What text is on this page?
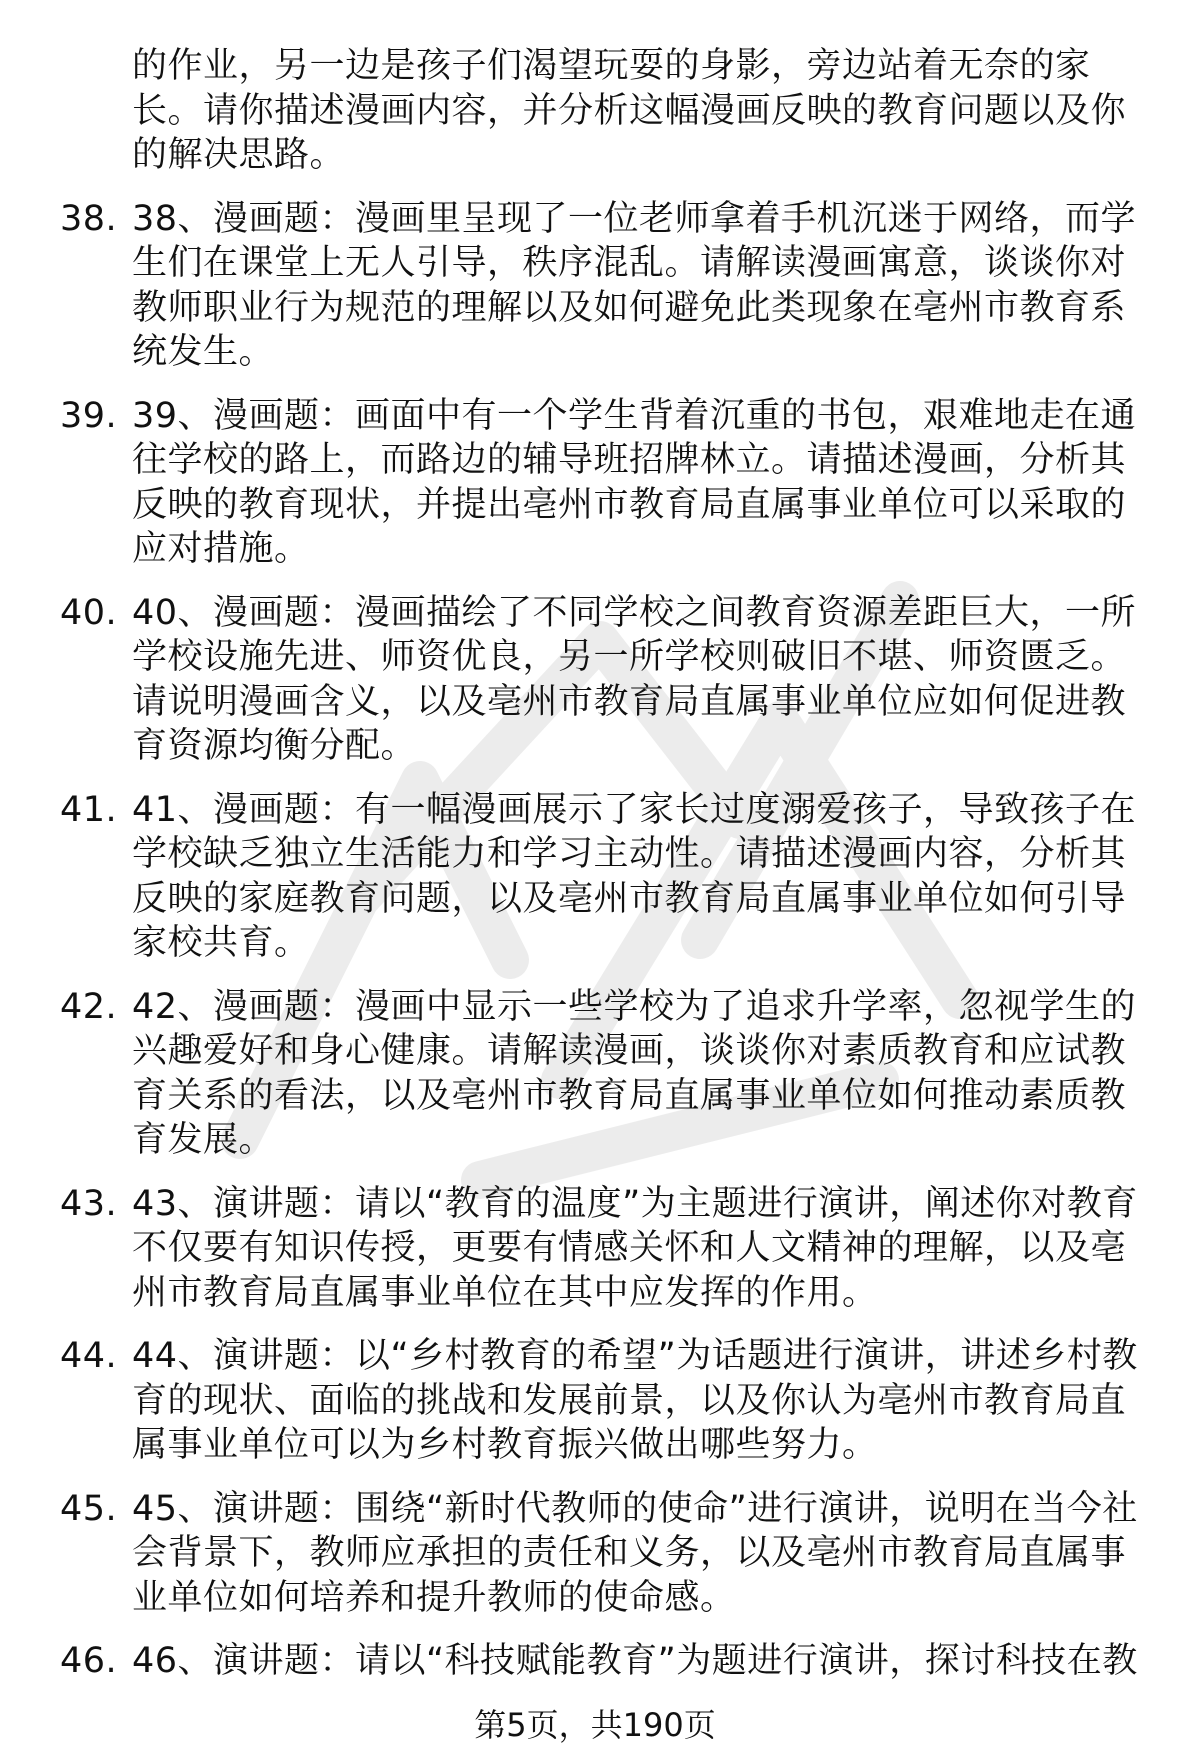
的作业，另一边是孩子们渴望玩耍的身影，旁边站着无奈的家长。请你描述漫画内容，并分析这幅漫画反映的教育问题以及你的解决思路。
38. 38、漫画题：漫画里呈现了一位老师拿着手机沉迷于网络，而学生们在课堂上无人引导，秩序混乱。请解读漫画寓意，谈谈你对教师职业行为规范的理解以及如何避免此类现象在亳州市教育系统发生。
39. 39、漫画题：画面中有一个学生背着沉重的书包，艰难地走在通往学校的路上，而路边的辅导班招牌林立。请描述漫画，分析其反映的教育现状，并提出亳州市教育局直属事业单位可以采取的应对措施。
40. 40、漫画题：漫画描绘了不同学校之间教育资源差距巨大，一所学校设施先进、师资优良，另一所学校则破旧不堪、师资匮乏。请说明漫画含义，以及亳州市教育局直属事业单位应如何促进教育资源均衡分配。
41. 41、漫画题：有一幅漫画展示了家长过度溺爱孩子，导致孩子在学校缺乏独立生活能力和学习主动性。请描述漫画内容，分析其反映的家庭教育问题，以及亳州市教育局直属事业单位如何引导家校共育。
42. 42、漫画题：漫画中显示一些学校为了追求升学率，忽视学生的兴趣爱好和身心健康。请解读漫画，谈谈你对素质教育和应试教育关系的看法，以及亳州市教育局直属事业单位如何推动素质教育发展。
43. 43、演讲题：请以“教育的温度”为主题进行演讲，阐述你对教育不仅要有知识传授，更要有情感关怀和人文精神的理解，以及亳州市教育局直属事业单位在其中应发挥的作用。
44. 44、演讲题：以“乡村教育的希望”为话题进行演讲，讲述乡村教育的现状、面临的挑战和发展前景，以及你认为亳州市教育局直属事业单位可以为乡村教育振兴做出哪些努力。
45. 45、演讲题：围绕“新时代教师的使命”进行演讲，说明在当今社会背景下，教师应承担的责任和义务，以及亳州市教育局直属事业单位如何培养和提升教师的使命感。
46. 46、演讲题：请以“科技赋能教育”为题进行演讲，探讨科技在教
第5页，共190页
